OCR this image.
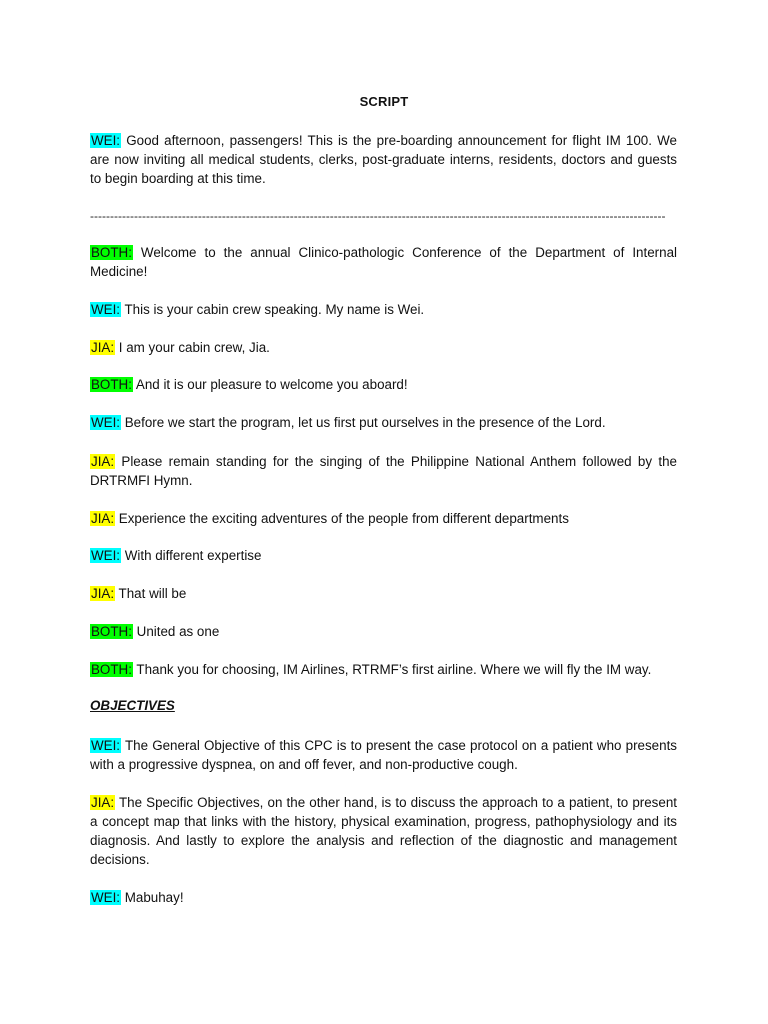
SCRIPT
WEI: Good afternoon, passengers! This is the pre-boarding announcement for flight IM 100. We are now inviting all medical students, clerks, post-graduate interns, residents, doctors and guests to begin boarding at this time.
------------------------------------------------------------------------------------------------------------------------------------------------
BOTH: Welcome to the annual Clinico-pathologic Conference of the Department of Internal Medicine!
WEI: This is your cabin crew speaking. My name is Wei.
JIA: I am your cabin crew, Jia.
BOTH: And it is our pleasure to welcome you aboard!
WEI: Before we start the program, let us first put ourselves in the presence of the Lord.
JIA: Please remain standing for the singing of the Philippine National Anthem followed by the DRTRMFI Hymn.
JIA: Experience the exciting adventures of the people from different departments
WEI: With different expertise
JIA: That will be
BOTH: United as one
BOTH: Thank you for choosing, IM Airlines, RTRMF’s first airline. Where we will fly the IM way.
OBJECTIVES
WEI: The General Objective of this CPC is to present the case protocol on a patient who presents with a progressive dyspnea, on and off fever, and non-productive cough.
JIA: The Specific Objectives, on the other hand, is to discuss the approach to a patient, to present a concept map that links with the history, physical examination, progress, pathophysiology and its diagnosis. And lastly to explore the analysis and reflection of the diagnostic and management decisions.
WEI: Mabuhay!
